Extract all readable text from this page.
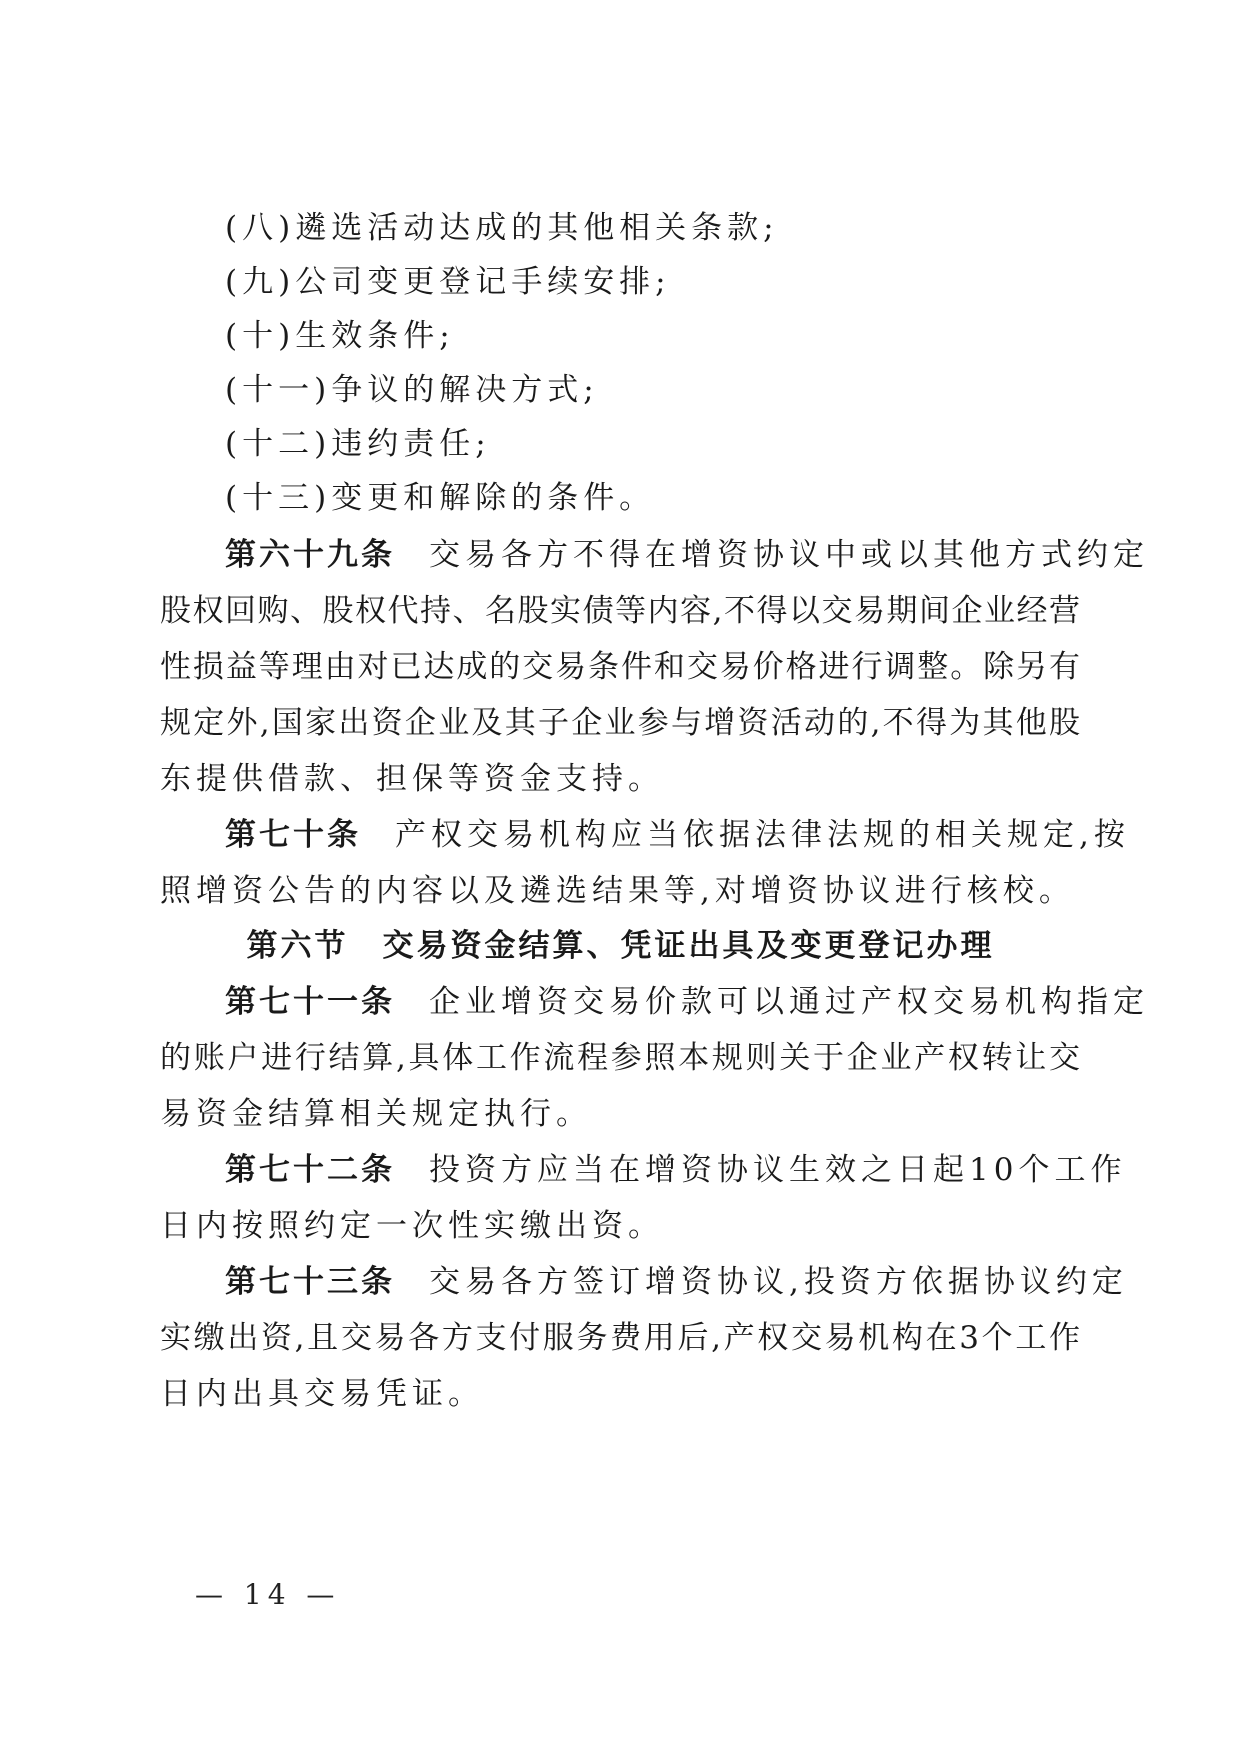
(八)遴选活动达成的其他相关条款;
(九)公司变更登记手续安排;
(十)生效条件;
(十一)争议的解决方式;
(十二)违约责任;
(十三)变更和解除的条件。
第六十九条 交易各方不得在增资协议中或以其他方式约定
股权回购、股权代持、名股实债等内容,不得以交易期间企业经营
性损益等理由对已达成的交易条件和交易价格进行调整。除另有
规定外,国家出资企业及其子企业参与增资活动的,不得为其他股
东提供借款、担保等资金支持。
第七十条 产权交易机构应当依据法律法规的相关规定,按
照增资公告的内容以及遴选结果等,对增资协议进行核校。
第六节 交易资金结算、凭证出具及变更登记办理
第七十一条 企业增资交易价款可以通过产权交易机构指定
的账户进行结算,具体工作流程参照本规则关于企业产权转让交
易资金结算相关规定执行。
第七十二条 投资方应当在增资协议生效之日起10个工作
日内按照约定一次性实缴出资。
第七十三条 交易各方签订增资协议,投资方依据协议约定
实缴出资,且交易各方支付服务费用后,产权交易机构在3个工作
日内出具交易凭证。
— 14 —
